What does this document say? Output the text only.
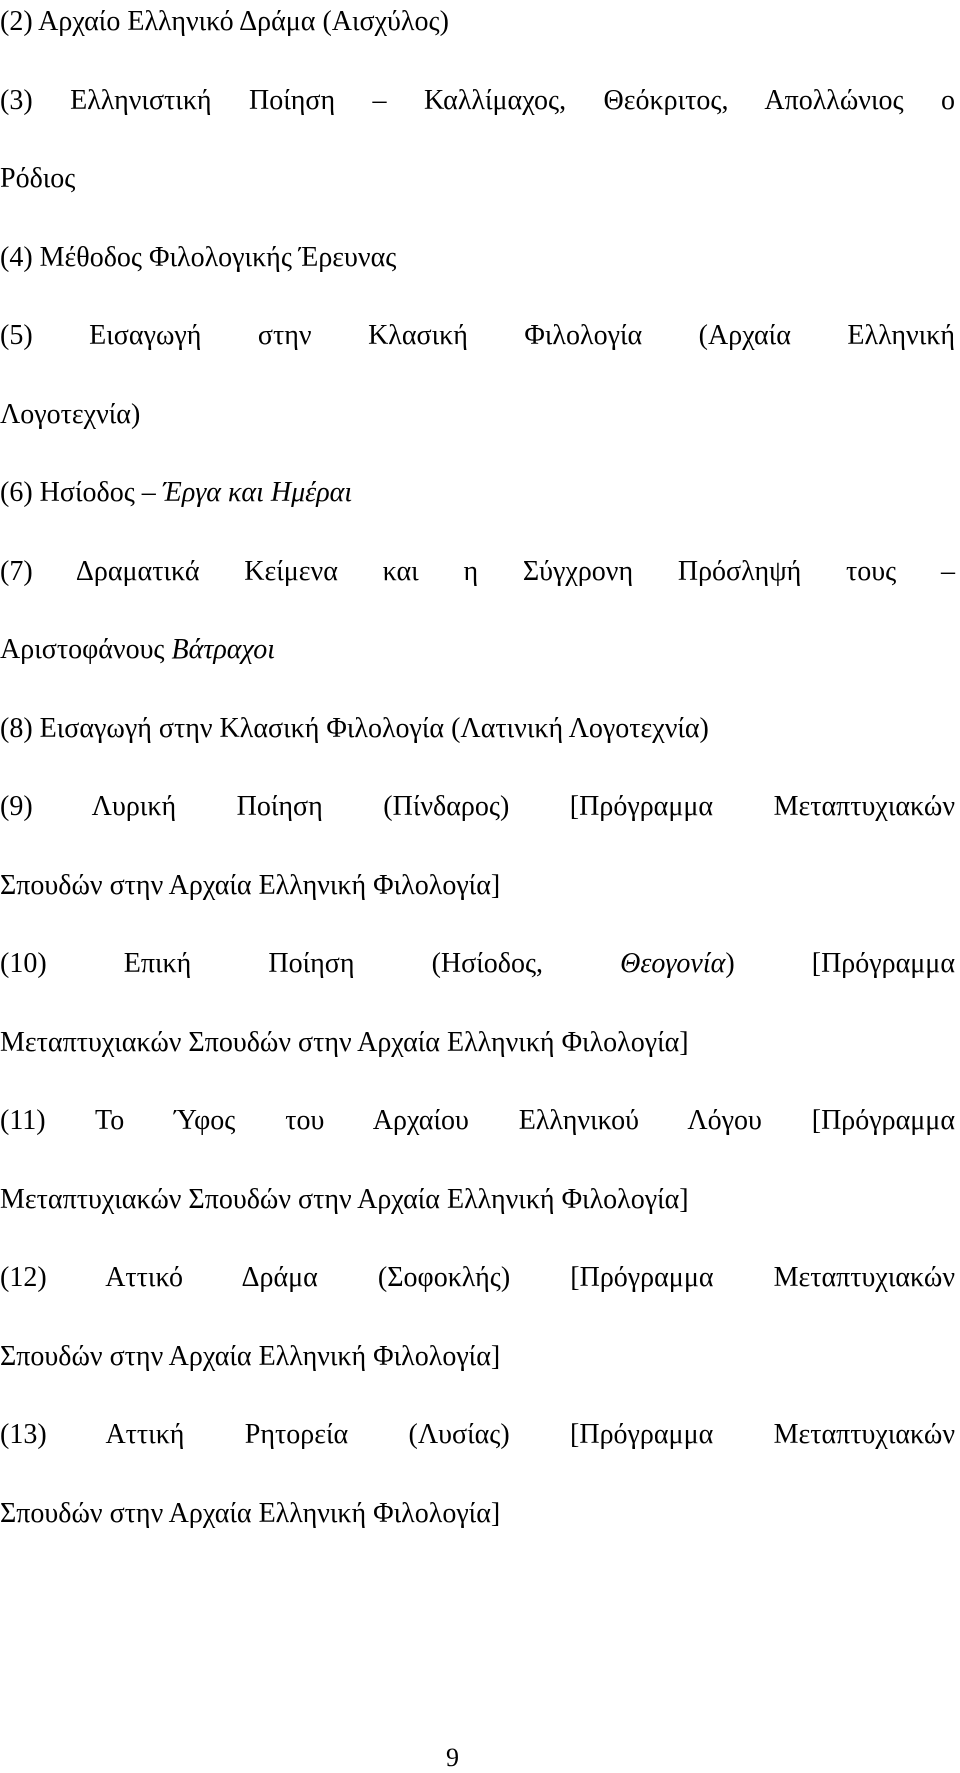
(2) Αρχαίο Ελληνικό Δράμα (Αισχύλος)
(3) Ελληνιστική Ποίηση – Καλλίμαχος, Θεόκριτος, Απολλώνιος ο
Ρόδιος
(4) Μέθοδος Φιλολογικής Έρευνας
(5) Εισαγωγή στην Κλασική Φιλολογία (Αρχαία Ελληνική
Λογοτεχνία)
(6) Ησίοδος – Έργα και Ημέραι
(7) Δραματικά Κείμενα και η Σύγχρονη Πρόσληψή τους –
Αριστοφάνους Βάτραχοι
(8) Εισαγωγή στην Κλασική Φιλολογία (Λατινική Λογοτεχνία)
(9) Λυρική Ποίηση (Πίνδαρος) [Πρόγραμμα Μεταπτυχιακών
Σπουδών στην Αρχαία Ελληνική Φιλολογία]
(10)	Επική Ποίηση (Ησίοδος,	Θεογονία) [Πρόγραμμα
Μεταπτυχιακών Σπουδών στην Αρχαία Ελληνική Φιλολογία]
(11) Το Ύφος του Αρχαίου Ελληνικού Λόγου [Πρόγραμμα
Μεταπτυχιακών Σπουδών στην Αρχαία Ελληνική Φιλολογία]
(12) Αττικό Δράμα (Σοφοκλής) [Πρόγραμμα Μεταπτυχιακών
Σπουδών στην Αρχαία Ελληνική Φιλολογία]
(13) Αττική Ρητορεία (Λυσίας) [Πρόγραμμα Μεταπτυχιακών
Σπουδών στην Αρχαία Ελληνική Φιλολογία]
9
